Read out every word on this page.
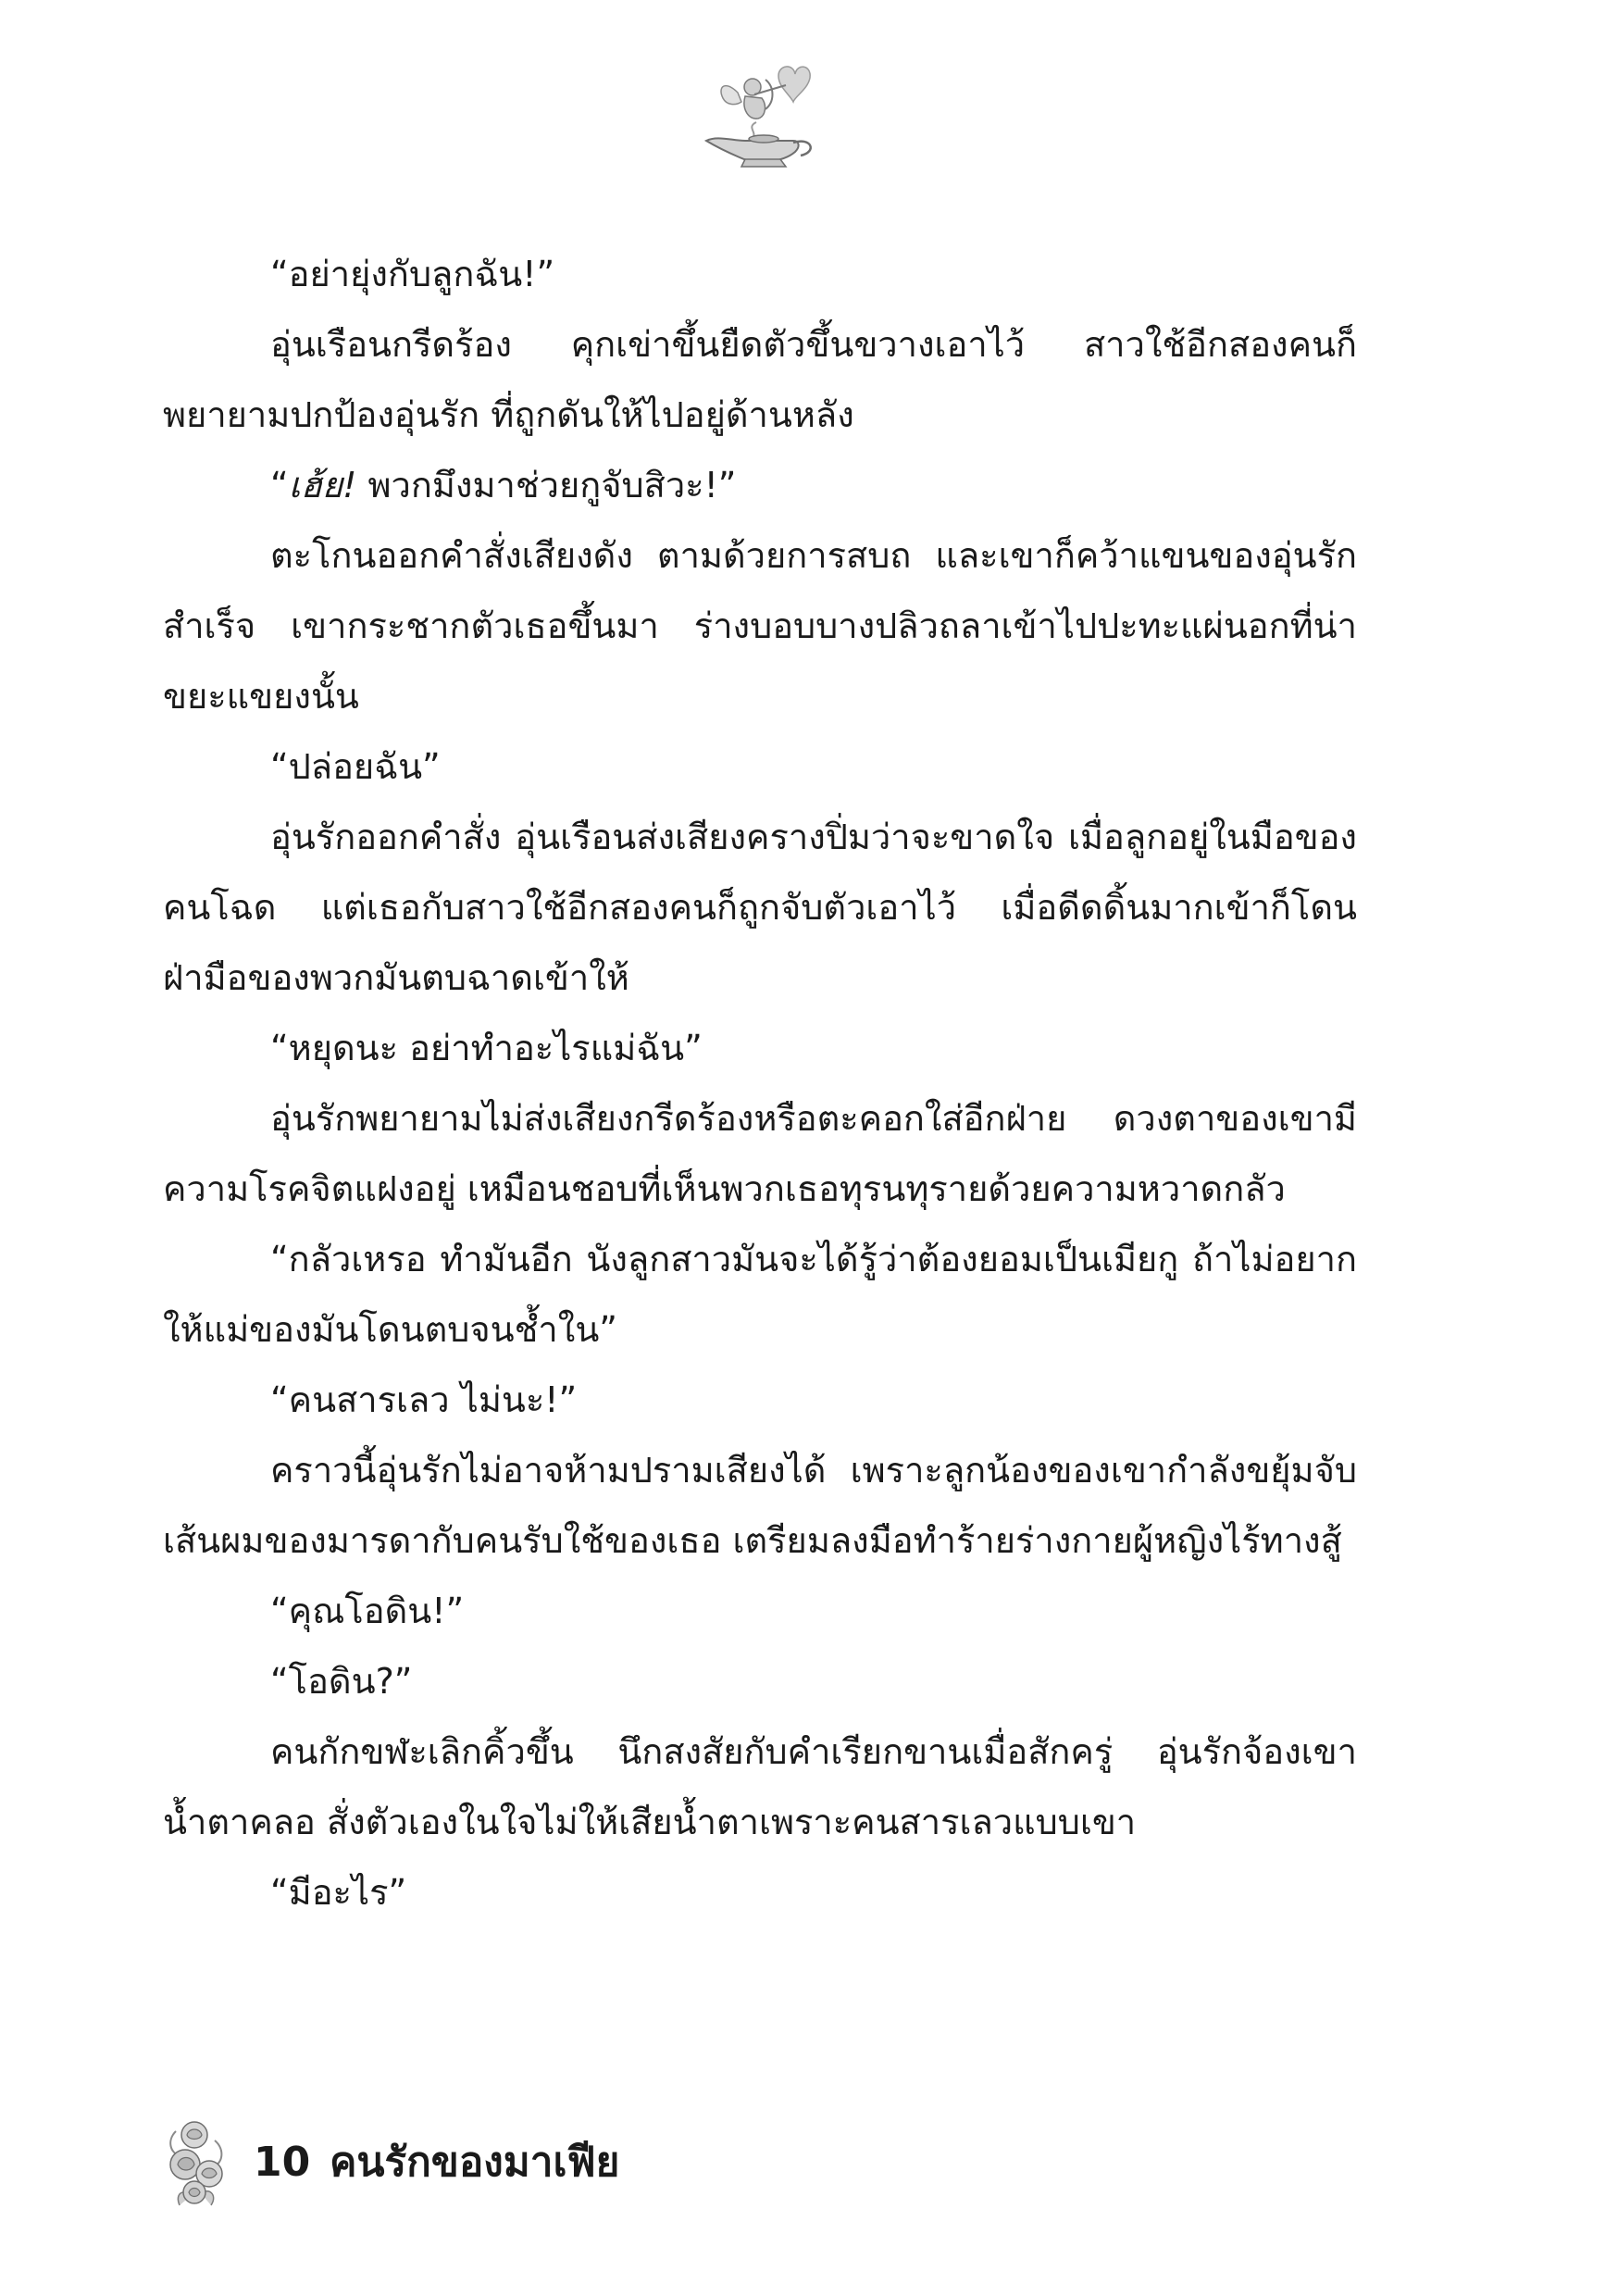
“อย่ายุ่งกับลูกฉัน!”

อุ่นเรือนกรีดร้อง คุกเข่าขึ้นยืดตัวขึ้นขวางเอาไว้ สาวใช้อีกสองคนก็พยายามปกป้องอุ่นรัก ที่ถูกดันให้ไปอยู่ด้านหลัง

“เฮ้ย! พวกมึงมาช่วยกูจับสิวะ!”

ตะโกนออกคำสั่งเสียงดัง ตามด้วยการสบถ และเขาก็คว้าแขนของอุ่นรักสำเร็จ เขากระชากตัวเธอขึ้นมา ร่างบอบบางปลิวถลาเข้าไปปะทะแผ่นอกที่น่าขยะแขยงนั้น

“ปล่อยฉัน”

อุ่นรักออกคำสั่ง อุ่นเรือนส่งเสียงครางปิ่มว่าจะขาดใจ เมื่อลูกอยู่ในมือของคนโฉด แต่เธอกับสาวใช้อีกสองคนก็ถูกจับตัวเอาไว้ เมื่อดีดดิ้นมากเข้าก็โดนฝ่ามือของพวกมันตบฉาดเข้าให้

“หยุดนะ อย่าทำอะไรแม่ฉัน”

อุ่นรักพยายามไม่ส่งเสียงกรีดร้องหรือตะคอกใส่อีกฝ่าย ดวงตาของเขามีความโรคจิตแฝงอยู่ เหมือนชอบที่เห็นพวกเธอทุรนทุรายด้วยความหวาดกลัว

“กลัวเหรอ ทำมันอีก นังลูกสาวมันจะได้รู้ว่าต้องยอมเป็นเมียกู ถ้าไม่อยากให้แม่ของมันโดนตบจนช้ำใน”

“คนสารเลว ไม่นะ!”

คราวนี้อุ่นรักไม่อาจห้ามปรามเสียงได้ เพราะลูกน้องของเขากำลังขยุ้มจับเส้นผมของมารดากับคนรับใช้ของเธอ เตรียมลงมือทำร้ายร่างกายผู้หญิงไร้ทางสู้

“คุณโอดิน!”

“โอดิน?”

คนกักขฬะเลิกคิ้วขึ้น นึกสงสัยกับคำเรียกขานเมื่อสักครู่ อุ่นรักจ้องเขาน้ำตาคลอ สั่งตัวเองในใจไม่ให้เสียน้ำตาเพราะคนสารเลวแบบเขา

“มีอะไร”

10 คนรักของมาเฟีย
